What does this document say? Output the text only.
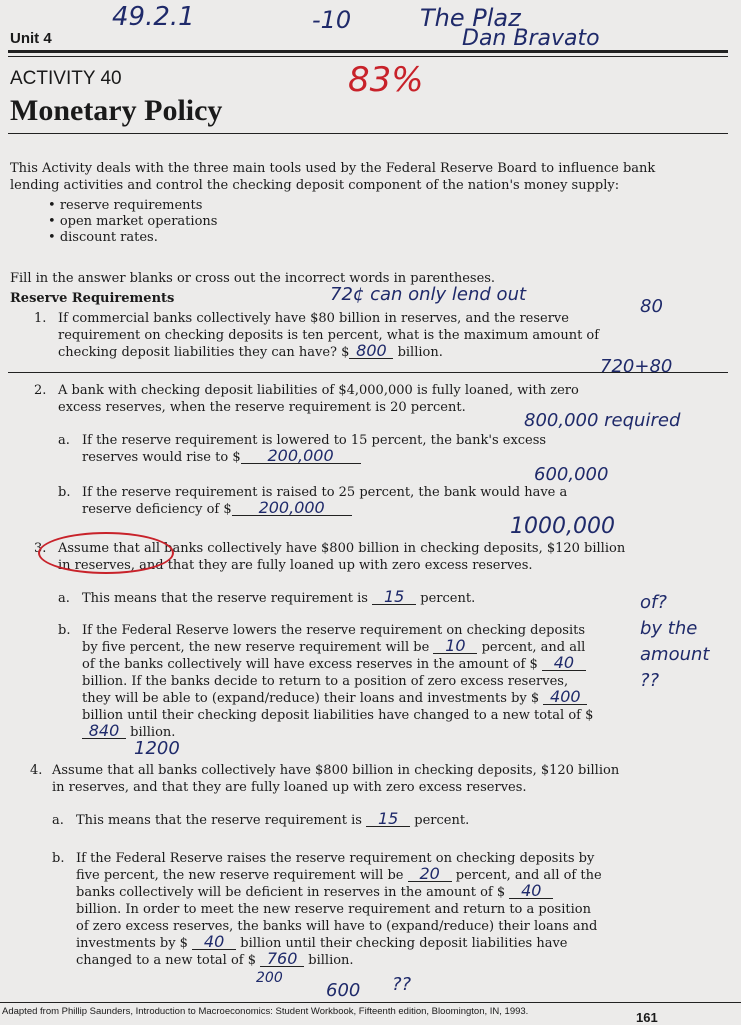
Unit 4
ACTIVITY 40
Monetary Policy
49.2.1	-10	The Plaz
Dan Bravato
83%
This Activity deals with the three main tools used by the Federal Reserve Board to influence bank lending activities and control the checking deposit component of the nation's money supply:
• reserve requirements
• open market operations
• discount rates.
Fill in the answer blanks or cross out the incorrect words in parentheses.
Reserve Requirements	72¢ can only lend out
80
1. If commercial banks collectively have $80 billion in reserves, and the reserve requirement on checking deposits is ten percent, what is the maximum amount of checking deposit liabilities they can have? $ 800 billion.
720+80
2. A bank with checking deposit liabilities of $4,000,000 is fully loaned, with zero excess reserves, when the reserve requirement is 20 percent.
800,000 required
a. If the reserve requirement is lowered to 15 percent, the bank's excess reserves would rise to $ 200,000
600,000
b. If the reserve requirement is raised to 25 percent, the bank would have a reserve deficiency of $ 200,000
1000,000
3. Assume that all banks collectively have $800 billion in checking deposits, $120 billion in reserves, and that they are fully loaned up with zero excess reserves.
a. This means that the reserve requirement is 15 percent.
b. If the Federal Reserve lowers the reserve requirement on checking deposits by five percent, the new reserve requirement will be 10 percent, and all of the banks collectively will have excess reserves in the amount of $ 40 billion. If the banks decide to return to a position of zero excess reserves, they will be able to (expand/reduce) their loans and investments by $ 400 billion until their checking deposit liabilities have changed to a new total of $ 840 billion.
of?
by the
amount
??
1200
4. Assume that all banks collectively have $800 billion in checking deposits, $120 billion in reserves, and that they are fully loaned up with zero excess reserves.
a. This means that the reserve requirement is 15 percent.
b. If the Federal Reserve raises the reserve requirement on checking deposits by five percent, the new reserve requirement will be 20 percent, and all of the banks collectively will be deficient in reserves in the amount of $ 40 billion. In order to meet the new reserve requirement and return to a position of zero excess reserves, the banks will have to (expand/reduce) their loans and investments by $ 40 billion until their checking deposit liabilities have changed to a new total of $ 760 billion.
200
600 ??
Adapted from Phillip Saunders, Introduction to Macroeconomics: Student Workbook, Fifteenth edition, Bloomington, IN, 1993.	161
